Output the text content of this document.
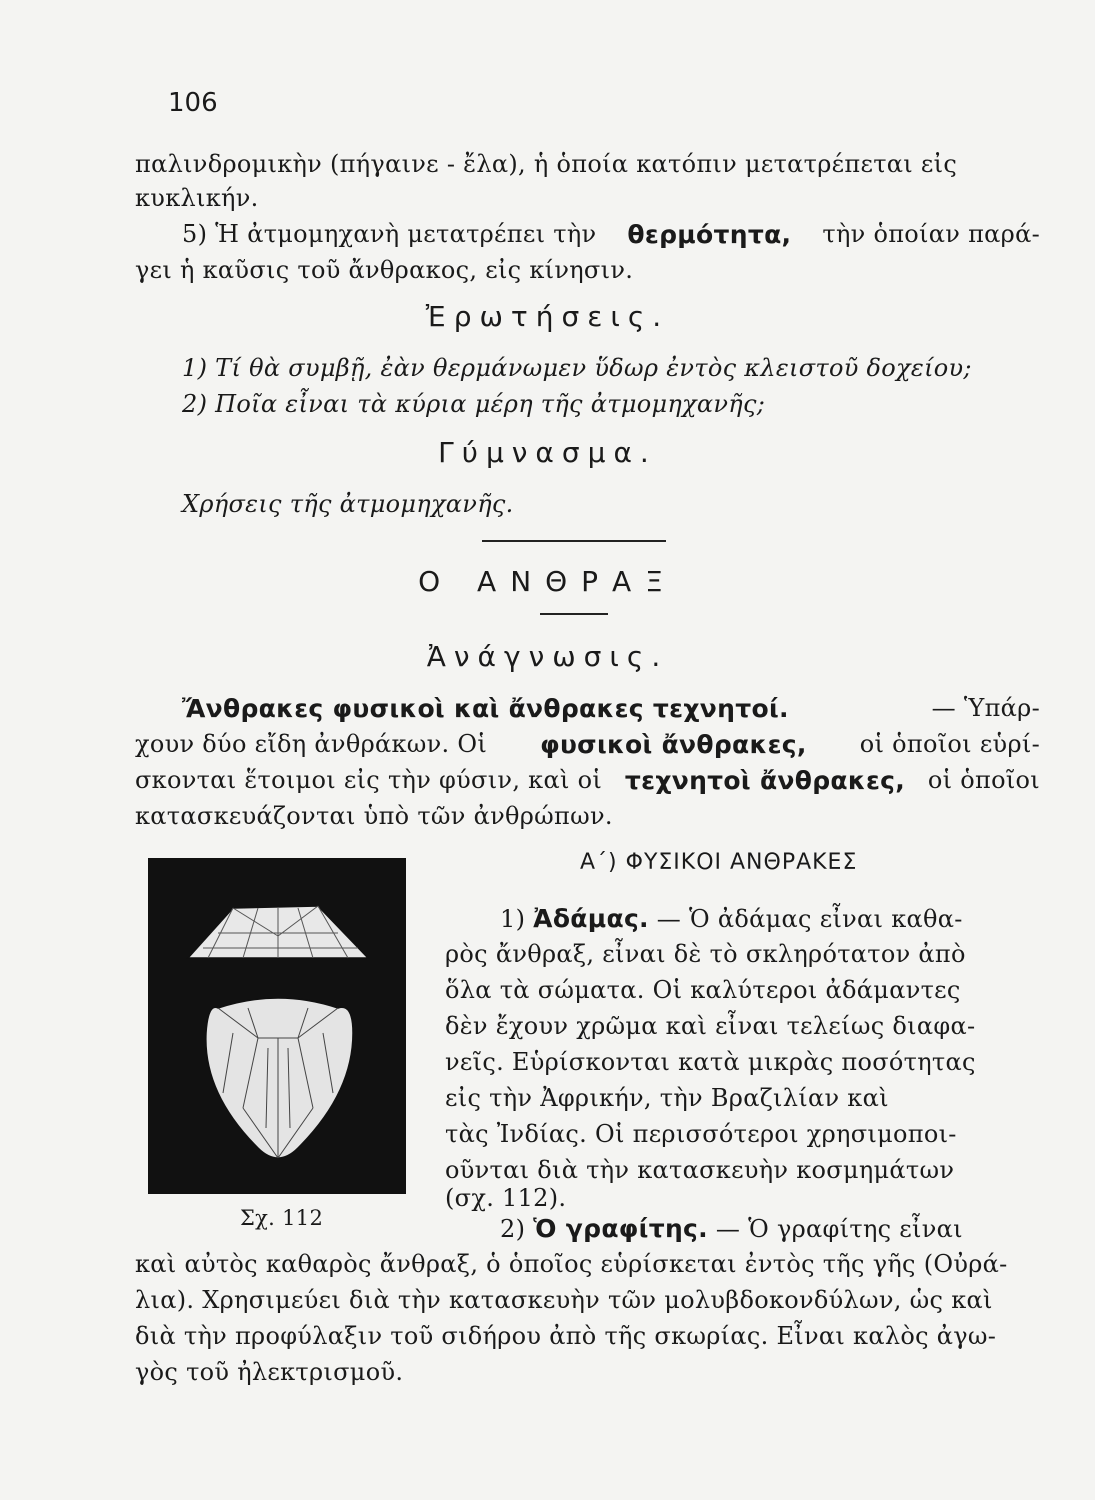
106
παλινδρομικὴν (πήγαινε - ἔλα), ἡ ὁποία κατόπιν μετατρέπεται εἰς
κυκλικήν.
5) Ἡ ἀτμομηχανὴ μετατρέπει τὴν θερμότητα, τὴν ὁποίαν παρά-
γει ἡ καῦσις τοῦ ἄνθρακος, εἰς κίνησιν.
Ἐρωτήσεις.
1) Τί θὰ συμβῇ, ἐὰν θερμάνωμεν ὕδωρ ἐντὸς κλειστοῦ δοχείου;
2) Ποῖα εἶναι τὰ κύρια μέρη τῆς ἀτμομηχανῆς;
Γύμνασμα.
Χρήσεις τῆς ἀτμομηχανῆς.
Ο ΑΝΘΡΑΞ
Ἀνάγνωσις.
Ἄνθρακες φυσικοὶ καὶ ἄνθρακες τεχνητοί.	— Ὑπάρ-
χουν δύο εἴδη ἀνθράκων. Οἱ φυσικοὶ ἄνθρακες, οἱ ὁποῖοι εὑρί-
σκονται ἕτοιμοι εἰς τὴν φύσιν, καὶ οἱ τεχνητοὶ ἄνθρακες, οἱ ὁποῖοι
κατασκευάζονται ὑπὸ τῶν ἀνθρώπων.
Α΄) ΦΥΣΙΚΟΙ ΑΝΘΡΑΚΕΣ
1) Ἀδάμας. — Ὁ ἀδάμας εἶναι καθα-
ρὸς ἄνθραξ, εἶναι δὲ τὸ σκληρότατον ἀπὸ
ὅλα τὰ σώματα. Οἱ καλύτεροι ἀδάμαντες
δὲν ἔχουν χρῶμα καὶ εἶναι τελείως διαφα-
νεῖς. Εὑρίσκονται κατὰ μικρὰς ποσότητας
εἰς τὴν Ἀφρικήν, τὴν Βραζιλίαν καὶ
τὰς Ἰνδίας. Οἱ περισσότεροι χρησιμοποι-
οῦνται διὰ τὴν κατασκευὴν κοσμημάτων
(σχ. 112).
Σχ. 112	2) Ὁ γραφίτης. — Ὁ γραφίτης εἶναι
καὶ αὐτὸς καθαρὸς ἄνθραξ, ὁ ὁποῖος εὑρίσκεται ἐντὸς τῆς γῆς (Οὐρά-
λια). Χρησιμεύει διὰ τὴν κατασκευὴν τῶν μολυβδοκονδύλων, ὡς καὶ
διὰ τὴν προφύλαξιν τοῦ σιδήρου ἀπὸ τῆς σκωρίας. Εἶναι καλὸς ἀγω-
γὸς τοῦ ἠλεκτρισμοῦ.
